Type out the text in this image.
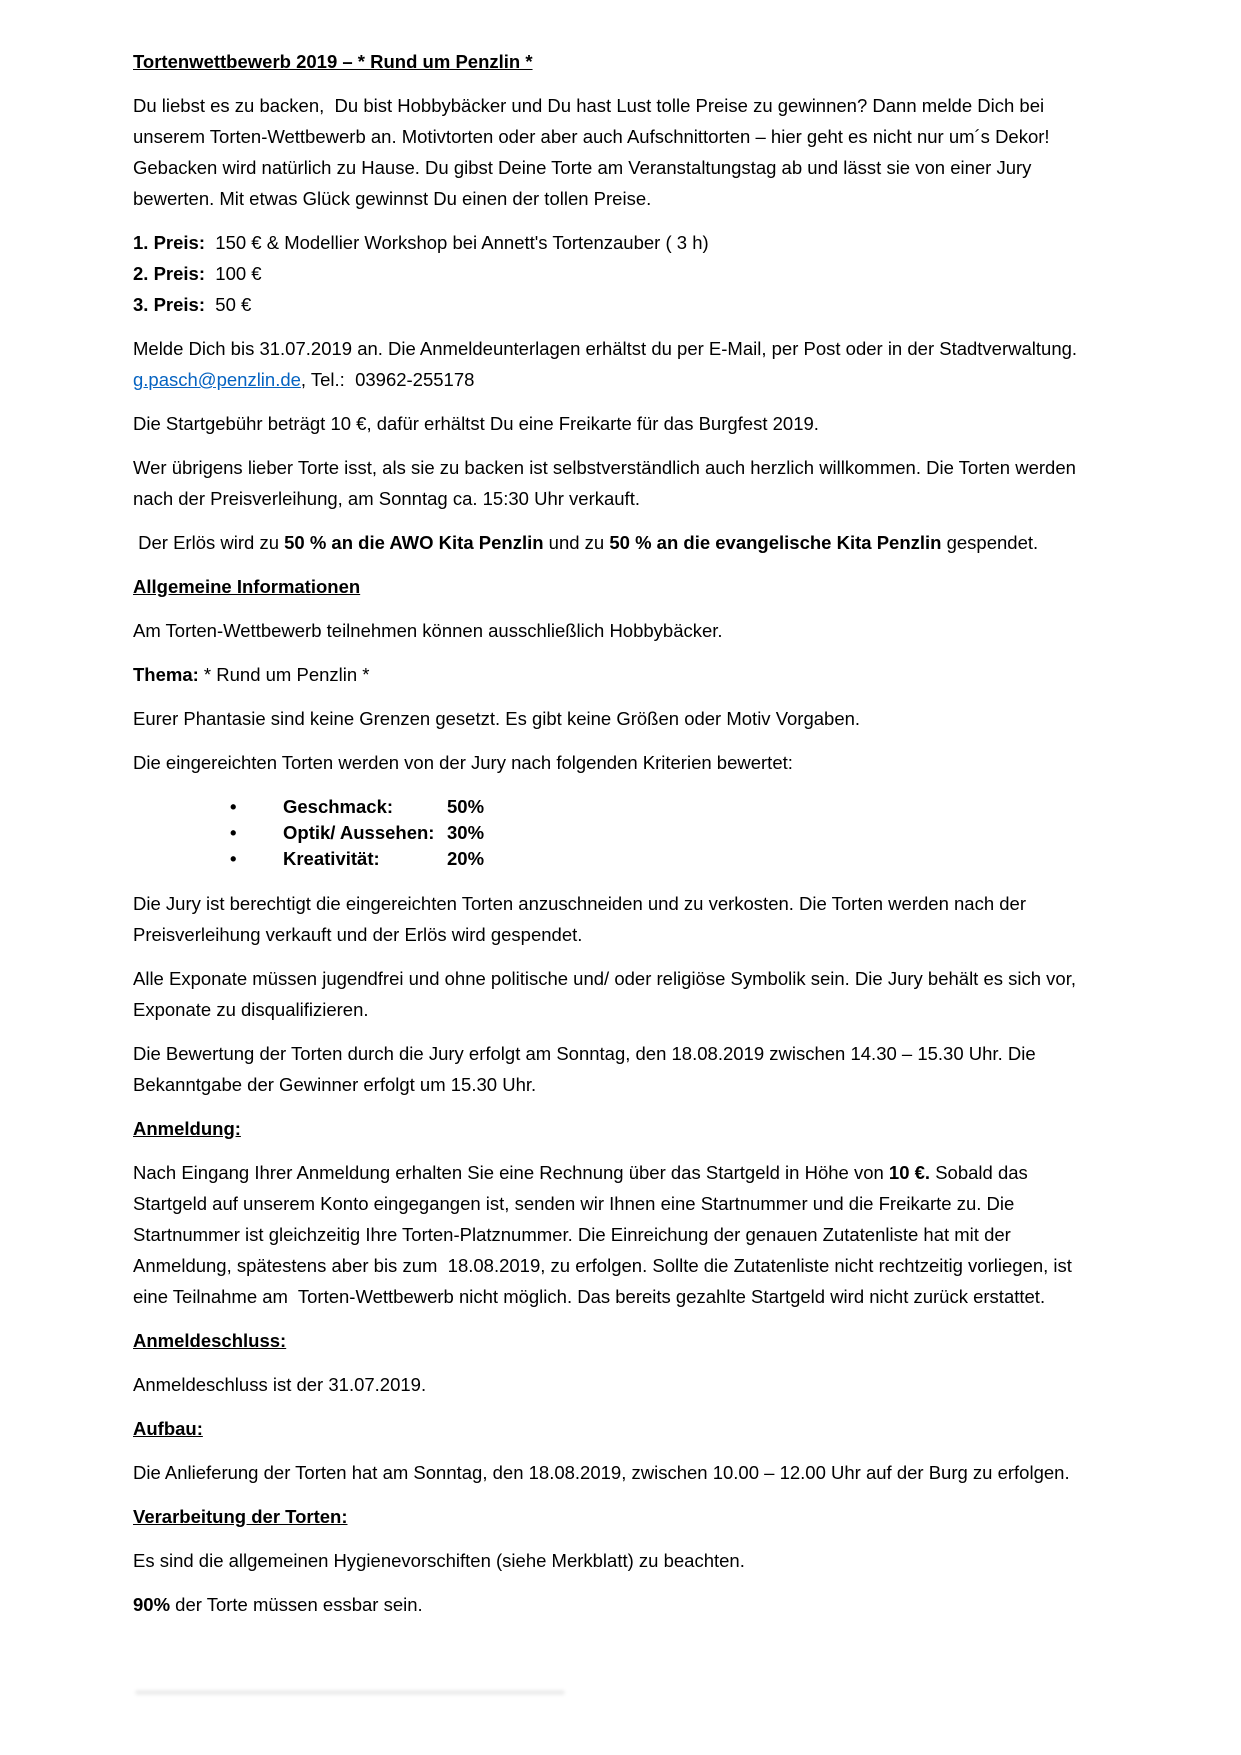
Tortenwettbewerb 2019 – * Rund um Penzlin *
Du liebst es zu backen,  Du bist Hobbybäcker und Du hast Lust tolle Preise zu gewinnen? Dann melde Dich bei unserem Torten-Wettbewerb an. Motivtorten oder aber auch Aufschnittorten – hier geht es nicht nur um´s Dekor! Gebacken wird natürlich zu Hause. Du gibst Deine Torte am Veranstaltungstag ab und lässt sie von einer Jury bewerten. Mit etwas Glück gewinnst Du einen der tollen Preise.
1. Preis:  150 € & Modellier Workshop bei Annett's Tortenzauber ( 3 h)
2. Preis:  100 €
3. Preis:  50 €
Melde Dich bis 31.07.2019 an. Die Anmeldeunterlagen erhältst du per E-Mail, per Post oder in der Stadtverwaltung.  g.pasch@penzlin.de, Tel.:  03962-255178
Die Startgebühr beträgt 10 €, dafür erhältst Du eine Freikarte für das Burgfest 2019.
Wer übrigens lieber Torte isst, als sie zu backen ist selbstverständlich auch herzlich willkommen. Die Torten werden nach der Preisverleihung, am Sonntag ca. 15:30 Uhr verkauft.
Der Erlös wird zu 50 % an die AWO Kita Penzlin und zu 50 % an die evangelische Kita Penzlin gespendet.
Allgemeine Informationen
Am Torten-Wettbewerb teilnehmen können ausschließlich Hobbybäcker.
Thema: * Rund um Penzlin *
Eurer Phantasie sind keine Grenzen gesetzt. Es gibt keine Größen oder Motiv Vorgaben.
Die eingereichten Torten werden von der Jury nach folgenden Kriterien bewertet:
•	Geschmack:	50%
•	Optik/ Aussehen: 30%
•	Kreativität:	20%
Die Jury ist berechtigt die eingereichten Torten anzuschneiden und zu verkosten. Die Torten werden nach der Preisverleihung verkauft und der Erlös wird gespendet.
Alle Exponate müssen jugendfrei und ohne politische und/ oder religiöse Symbolik sein. Die Jury behält es sich vor, Exponate zu disqualifizieren.
Die Bewertung der Torten durch die Jury erfolgt am Sonntag, den 18.08.2019 zwischen 14.30 – 15.30 Uhr. Die Bekanntgabe der Gewinner erfolgt um 15.30 Uhr.
Anmeldung:
Nach Eingang Ihrer Anmeldung erhalten Sie eine Rechnung über das Startgeld in Höhe von 10 €. Sobald das Startgeld auf unserem Konto eingegangen ist, senden wir Ihnen eine Startnummer und die Freikarte zu. Die Startnummer ist gleichzeitig Ihre Torten-Platznummer. Die Einreichung der genauen Zutatenliste hat mit der Anmeldung, spätestens aber bis zum  18.08.2019, zu erfolgen. Sollte die Zutatenliste nicht rechtzeitig vorliegen, ist eine Teilnahme am  Torten-Wettbewerb nicht möglich. Das bereits gezahlte Startgeld wird nicht zurück erstattet.
Anmeldeschluss:
Anmeldeschluss ist der 31.07.2019.
Aufbau:
Die Anlieferung der Torten hat am Sonntag, den 18.08.2019, zwischen 10.00 – 12.00 Uhr auf der Burg zu erfolgen.
Verarbeitung der Torten:
Es sind die allgemeinen Hygienevorschiften (siehe Merkblatt) zu beachten.
90% der Torte müssen essbar sein.
